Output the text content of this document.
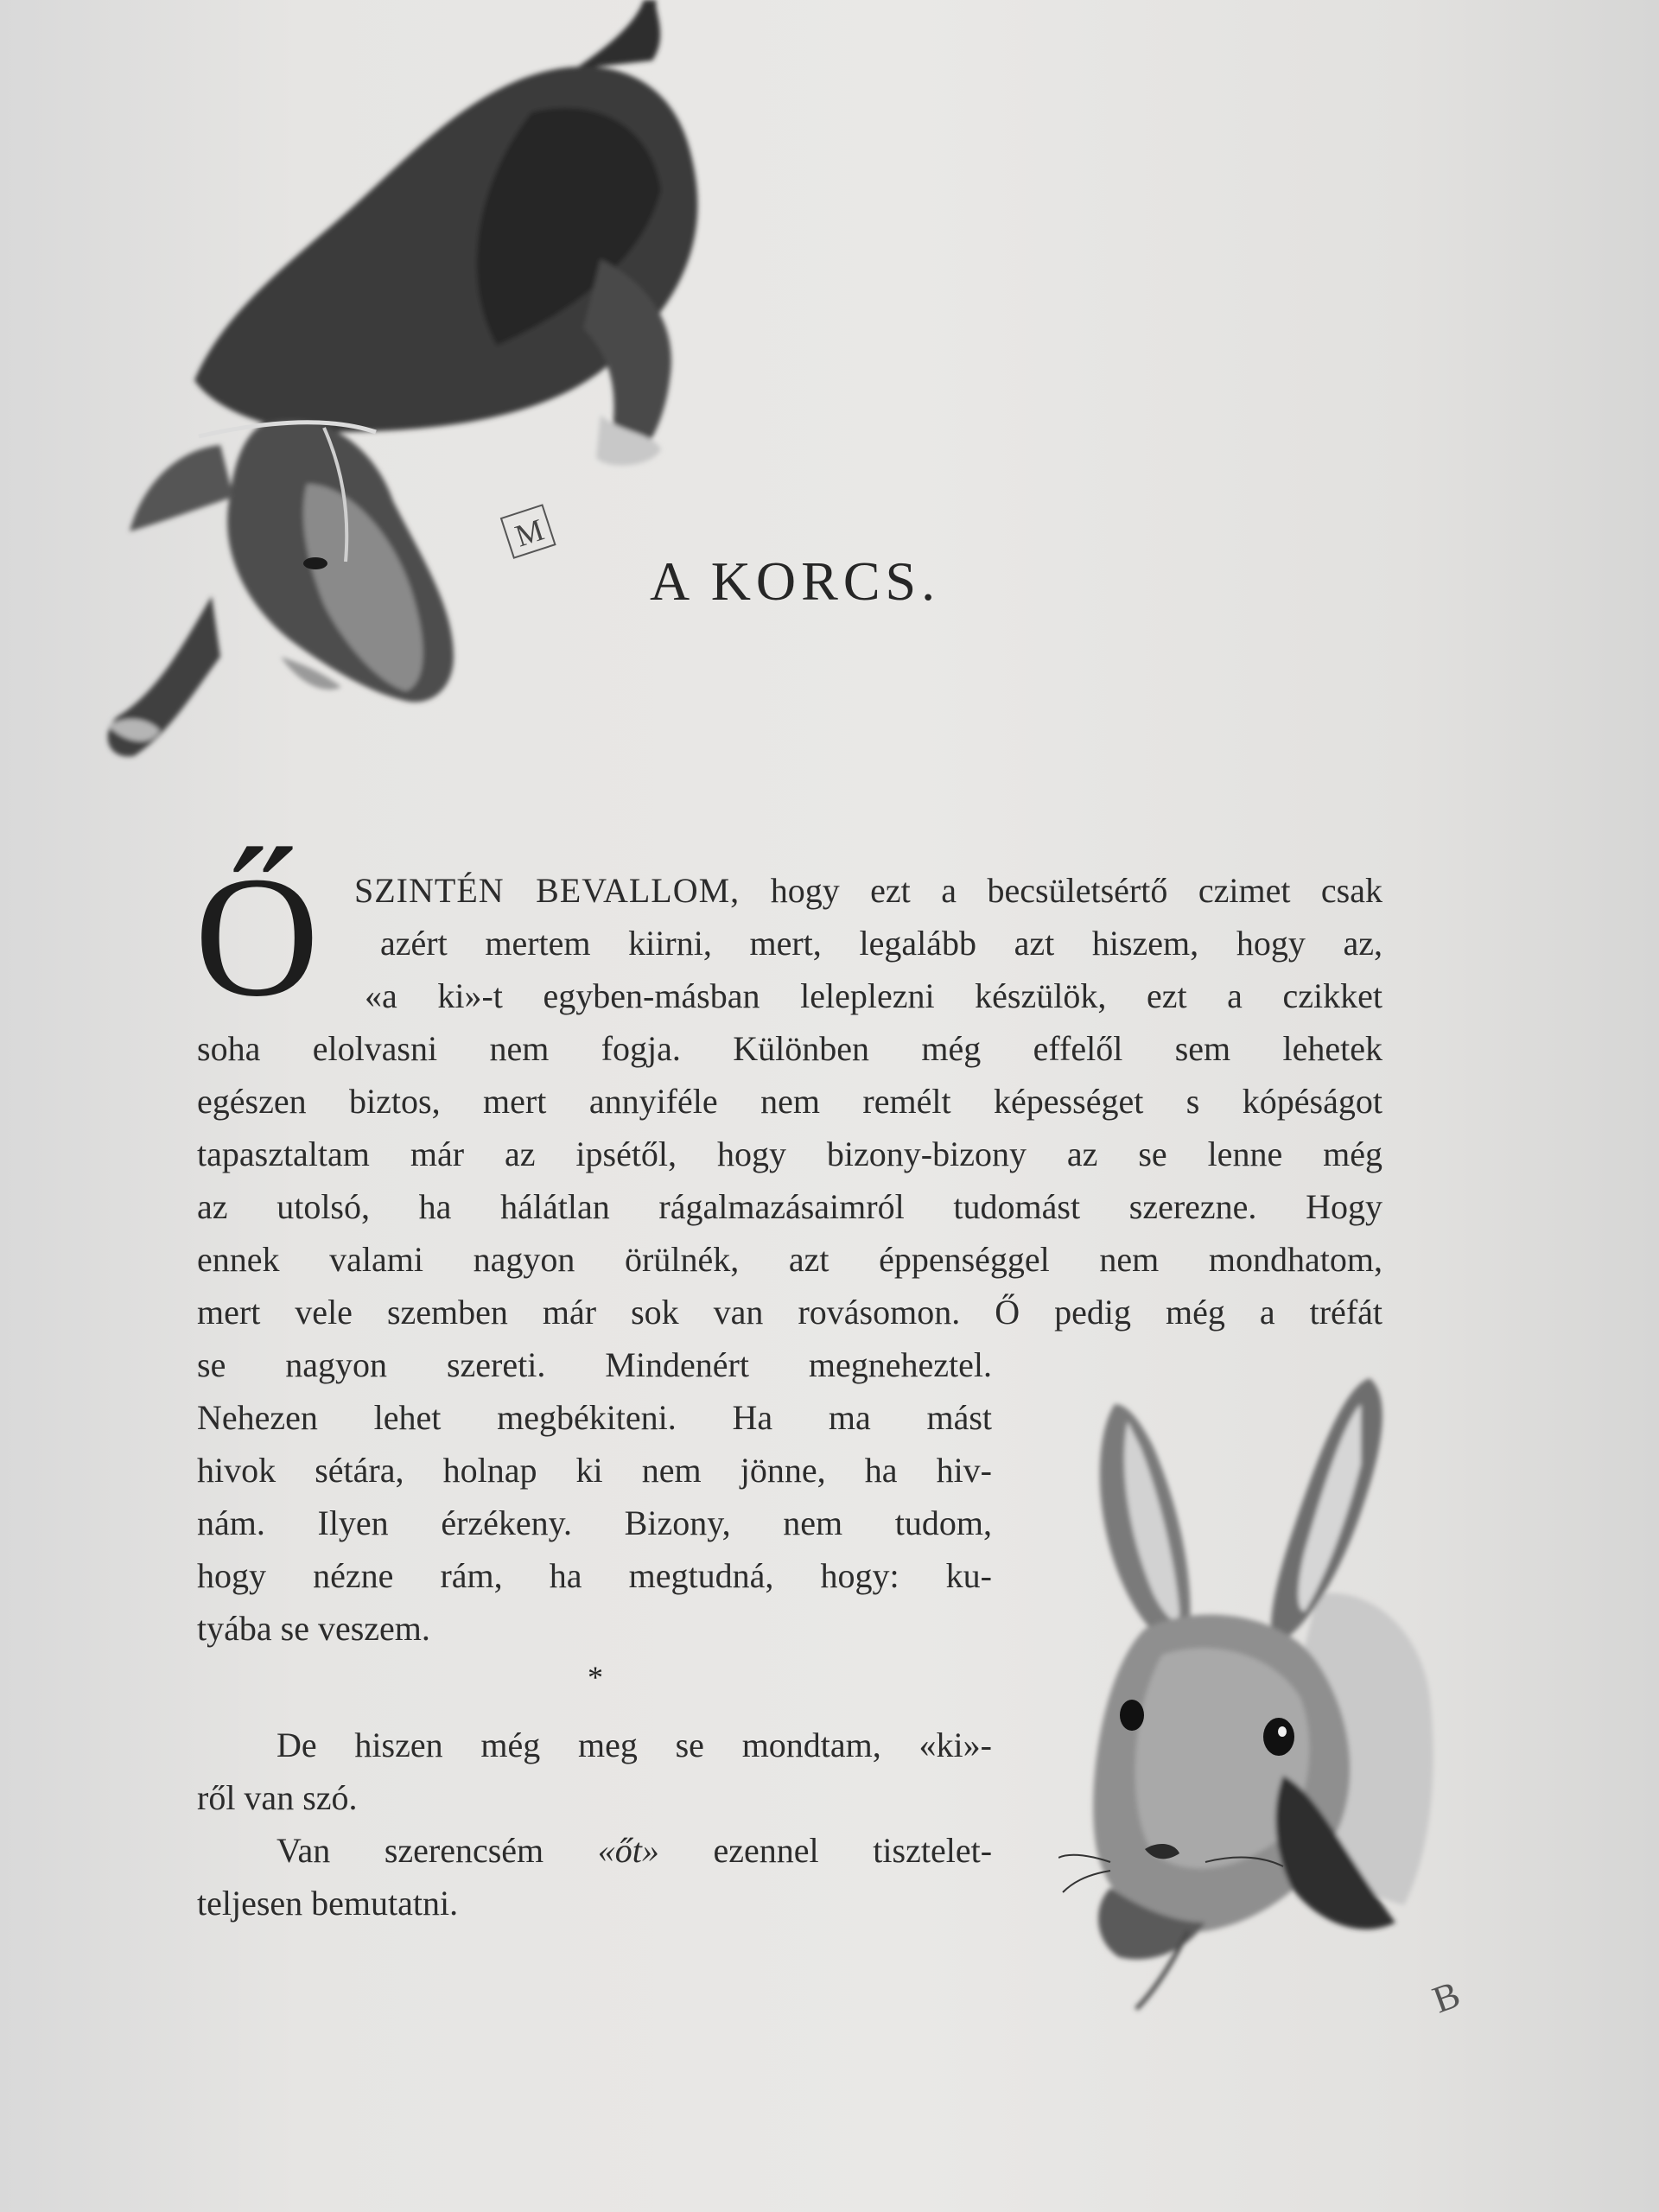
M
A KORCS.
Ő SZINTÉN BEVALLOM, hogy ezt a becsületsértő czimet csak
azért mertem kiirni, mert, legalább azt hiszem, hogy az,
«a ki»-t egyben-másban leleplezni készülök, ezt a czikket
soha elolvasni nem fogja. Különben még effelől sem lehetek
egészen biztos, mert annyiféle nem remélt képességet s kópéságot
tapasztaltam már az ipsétől, hogy bizony-bizony az se lenne még
az utolsó, ha hálátlan rágalmazásaimról tudomást szerezne. Hogy
ennek valami nagyon örülnék, azt éppenséggel nem mondhatom,
mert vele szemben már sok van rovásomon. Ő pedig még a tréfát
se nagyon szereti. Mindenért megneheztel.
Nehezen lehet megbékiteni. Ha ma mást
hivok sétára, holnap ki nem jönne, ha hiv-
nám. Ilyen érzékeny. Bizony, nem tudom,
hogy nézne rám, ha megtudná, hogy: ku-
tyába se veszem.
*
De hiszen még meg se mondtam, «ki»-
ről van szó.
Van szerencsém «őt» ezennel tisztelet-
teljesen bemutatni.
B
